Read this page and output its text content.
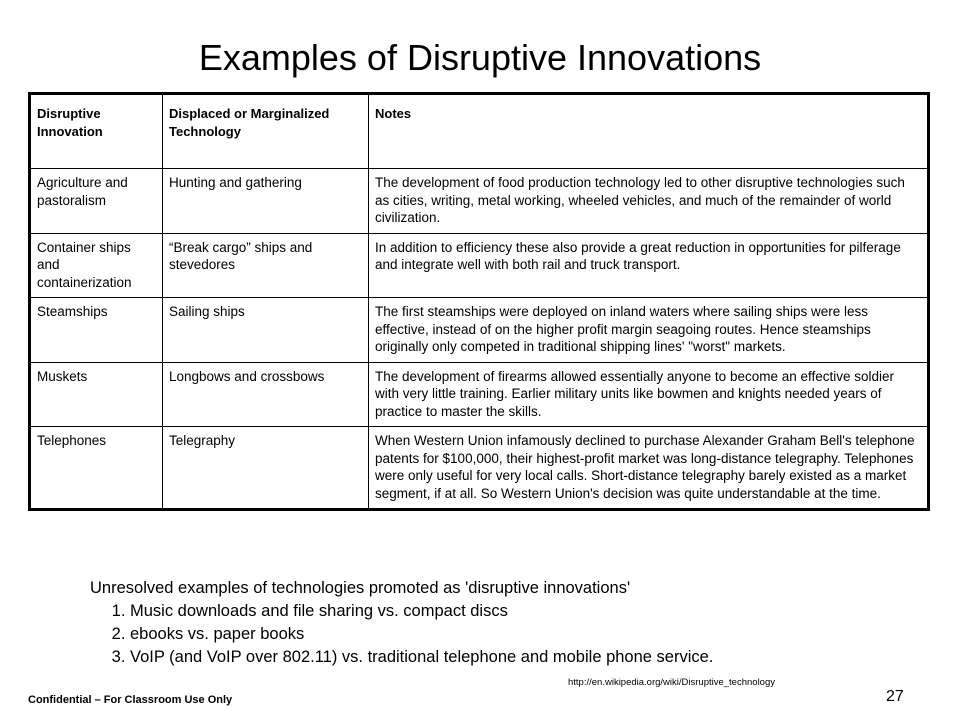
Examples of Disruptive Innovations
Disruptive Innovation	Displaced or Marginalized Technology	Notes
Agriculture and pastoralism	Hunting and gathering	The development of food production technology led to other disruptive technologies such as cities, writing, metal working, wheeled vehicles, and much of the remainder of world civilization.
Container ships and containerization	“Break cargo” ships and stevedores	In addition to efficiency these also provide a great reduction in opportunities for pilferage and integrate well with both rail and truck transport.
Steamships	Sailing ships	The first steamships were deployed on inland waters where sailing ships were less effective, instead of on the higher profit margin seagoing routes. Hence steamships originally only competed in traditional shipping lines' "worst" markets.
Muskets	Longbows and crossbows	The development of firearms allowed essentially anyone to become an effective soldier with very little training. Earlier military units like bowmen and knights needed years of practice to master the skills.
Telephones	Telegraphy	When Western Union infamously declined to purchase Alexander Graham Bell's telephone patents for $100,000, their highest-profit market was long-distance telegraphy. Telephones were only useful for very local calls. Short-distance telegraphy barely existed as a market segment, if at all. So Western Union's decision was quite understandable at the time.
Unresolved examples of technologies promoted as 'disruptive innovations'
1. Music downloads and file sharing vs. compact discs
2. ebooks vs. paper books
3. VoIP (and VoIP over 802.11) vs. traditional telephone and mobile phone service.
http://en.wikipedia.org/wiki/Disruptive_technology
27
Confidential – For Classroom Use Only
